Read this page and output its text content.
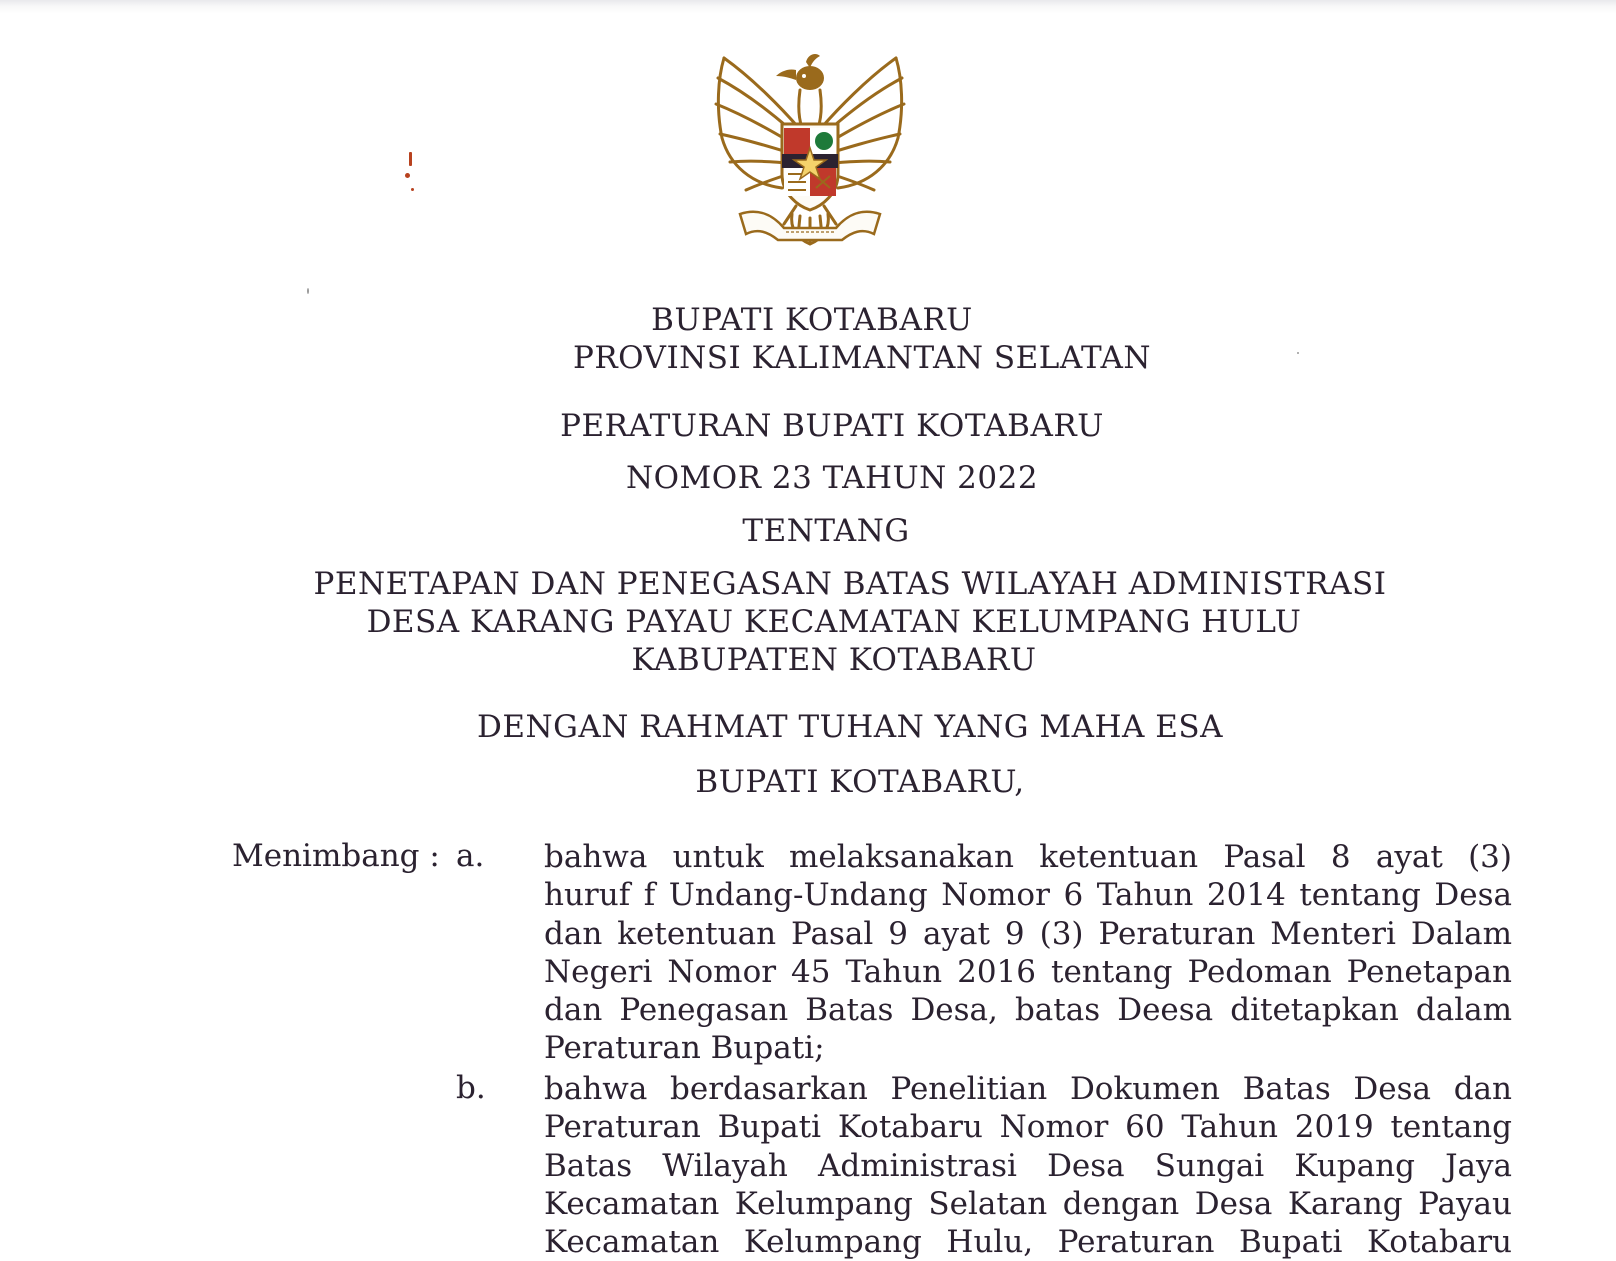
BUPATI KOTABARU
PROVINSI KALIMANTAN SELATAN
PERATURAN BUPATI KOTABARU
NOMOR 23 TAHUN 2022
TENTANG
PENETAPAN DAN PENEGASAN BATAS WILAYAH ADMINISTRASI
DESA KARANG PAYAU KECAMATAN KELUMPANG HULU
KABUPATEN KOTABARU
DENGAN RAHMAT TUHAN YANG MAHA ESA
BUPATI KOTABARU,
Menimbang : a. bahwa untuk melaksanakan ketentuan Pasal 8 ayat (3)
huruf f Undang-Undang Nomor 6 Tahun 2014 tentang Desa
dan ketentuan Pasal 9 ayat 9 (3) Peraturan Menteri Dalam
Negeri Nomor 45 Tahun 2016 tentang Pedoman Penetapan
dan Penegasan Batas Desa, batas Deesa ditetapkan dalam
Peraturan Bupati;
b. bahwa berdasarkan Penelitian Dokumen Batas Desa dan
Peraturan Bupati Kotabaru Nomor 60 Tahun 2019 tentang
Batas Wilayah Administrasi Desa Sungai Kupang Jaya
Kecamatan Kelumpang Selatan dengan Desa Karang Payau
Kecamatan Kelumpang Hulu, Peraturan Bupati Kotabaru
